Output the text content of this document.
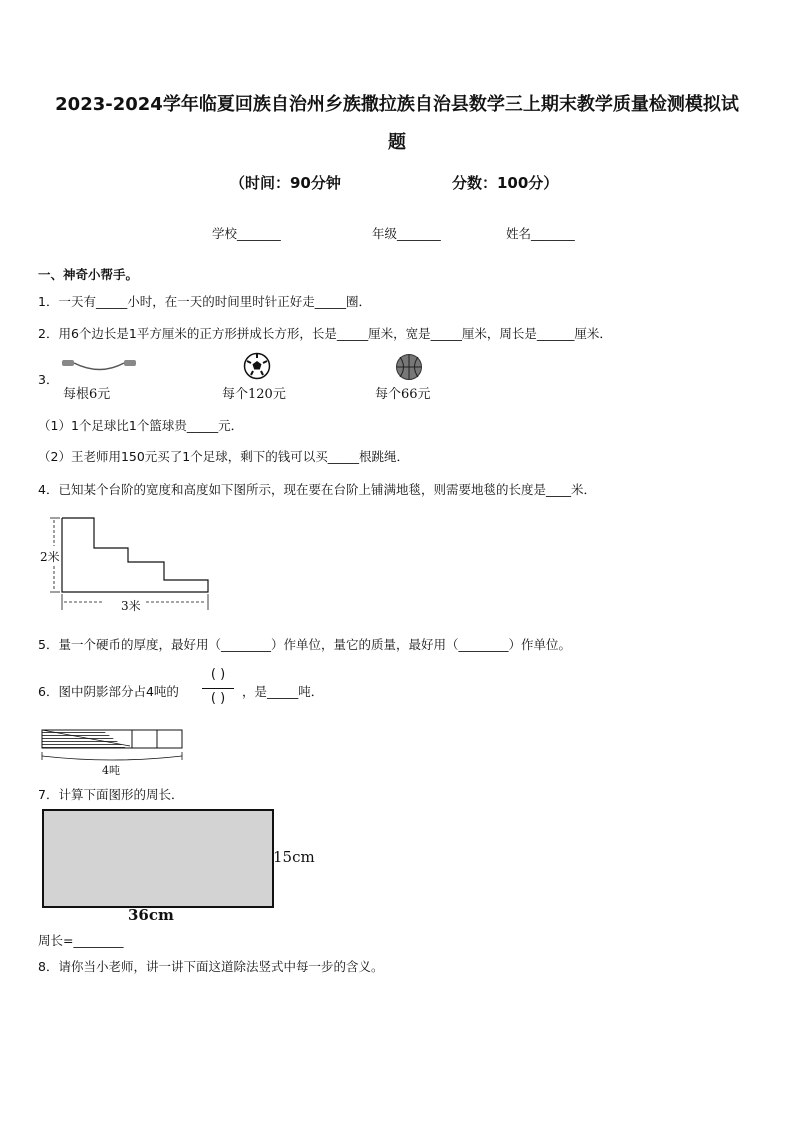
2023-2024学年临夏回族自治州乡族撒拉族自治县数学三上期末教学质量检测模拟试
题
（时间：90分钟	分数：100分）
学校_______	年级_______	姓名_______
一、神奇小帮手。
1．一天有_____小时，在一天的时间里时针正好走_____圈．
2．用6个边长是1平方厘米的正方形拼成长方形，长是_____厘米，宽是_____厘米，周长是______厘米．
3．
每根6元	每个120元	每个66元
（1）1个足球比1个篮球贵_____元．
（2）王老师用150元买了1个足球，剩下的钱可以买_____根跳绳．
4．已知某个台阶的宽度和高度如下图所示，现在要在台阶上铺满地毯，则需要地毯的长度是____米．
2米
3米
5．量一个硬币的厚度，最好用（________）作单位，量它的质量，最好用（________）作单位。
6．图中阴影部分占4吨的
( )
( )	，是_____吨．
4吨
7．计算下面图形的周长．
15cm
36cm
周长=________
8．请你当小老师，讲一讲下面这道除法竖式中每一步的含义。
